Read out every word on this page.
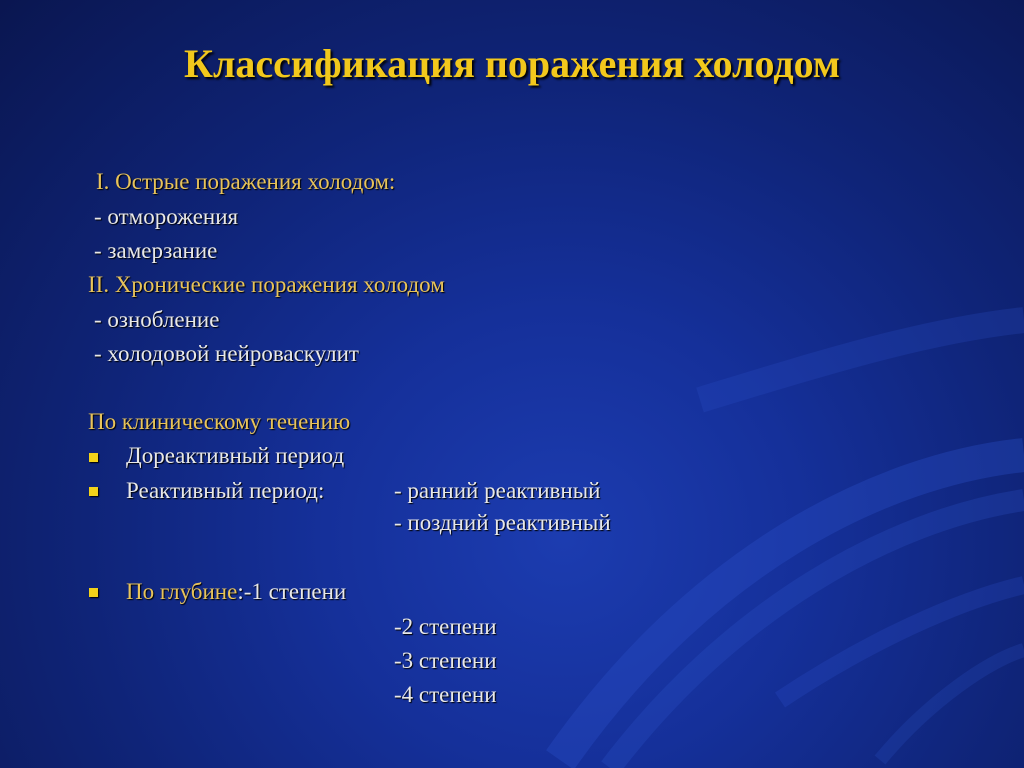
Классификация поражения холодом
I. Острые поражения холодом:
- отморожения
- замерзание
II. Хронические поражения холодом
- ознобление
- холодовой нейроваскулит
По клиническому течению
Дореактивный период
Реактивный период:	- ранний реактивный
- поздний реактивный
По глубине:-1 степени
-2 степени
-3 степени
-4 степени
